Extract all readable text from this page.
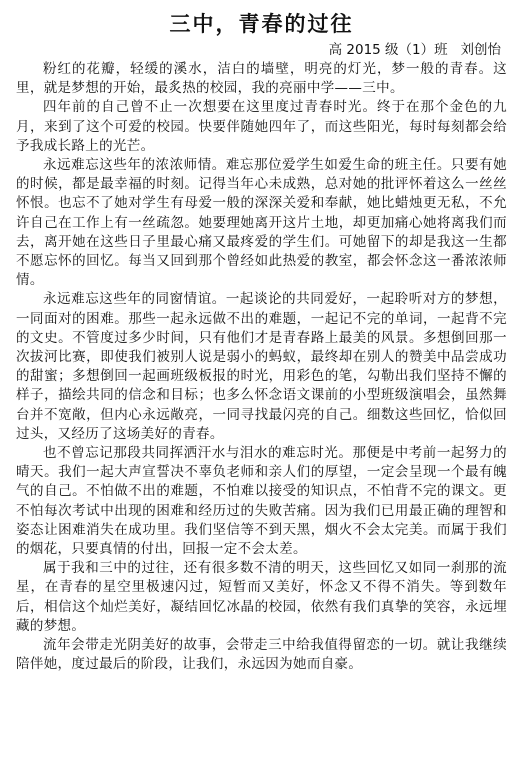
三中，青春的过往

高 2015 级（1）班   刘创怡

粉红的花瓣，轻缓的溪水，洁白的墙壁，明亮的灯光，梦一般的青春。这里，就是梦想的开始，最炙热的校园，我的亮丽中学——三中。

四年前的自己曾不止一次想要在这里度过青春时光。终于在那个金色的九月，来到了这个可爱的校园。快要伴随她四年了，而这些阳光，每时每刻都会给予我成长路上的光芒。

永远难忘这些年的浓浓师情。难忘那位爱学生如爱生命的班主任。只要有她的时候，都是最幸福的时刻。记得当年心未成熟，总对她的批评怀着这么一丝丝怀恨。也忘不了她对学生有母爱一般的深深关爱和奉献，她比蜡烛更无私，不允许自己在工作上有一丝疏忽。她要理她离开这片土地，却更加痛心她将离我们而去，离开她在这些日子里最心痛又最疼爱的学生们。可她留下的却是我这一生都不愿忘怀的回忆。每当又回到那个曾经如此热爱的教室，都会怀念这一番浓浓师情。

永远难忘这些年的同窗情谊。一起谈论的共同爱好，一起聆听对方的梦想，一同面对的困难。那些一起永远做不出的难题，一起记不完的单词，一起背不完的文史。不管度过多少时间，只有他们才是青春路上最美的风景。多想倒回那一次拔河比赛，即使我们被别人说是弱小的蚂蚁，最终却在别人的赞美中品尝成功的甜蜜；多想倒回一起画班级板报的时光，用彩色的笔，勾勒出我们坚持不懈的样子，描绘共同的信念和目标；也多么怀念语文课前的小型班级演唱会，虽然舞台并不宽敞，但内心永远敞亮，一同寻找最闪亮的自己。细数这些回忆，恰似回过头，又经历了这场美好的青春。

也不曾忘记那段共同挥洒汗水与泪水的难忘时光。那便是中考前一起努力的晴天。我们一起大声宣誓决不辜负老师和亲人们的厚望，一定会呈现一个最有魄气的自己。不怕做不出的难题，不怕难以接受的知识点，不怕背不完的课文。更不怕每次考试中出现的困难和经历过的失败苦痛。因为我们已用最正确的理智和姿态让困难消失在成功里。我们坚信等不到天黑，烟火不会太完美。而属于我们的烟花，只要真情的付出，回报一定不会太差。

属于我和三中的过往，还有很多数不清的明天，这些回忆又如同一刹那的流星，在青春的星空里极速闪过，短暂而又美好，怀念又不得不消失。等到数年后，相信这个灿烂美好，凝结回忆冰晶的校园，依然有我们真挚的笑容，永远埋藏的梦想。

流年会带走光阴美好的故事，会带走三中给我值得留恋的一切。就让我继续陪伴她，度过最后的阶段，让我们，永远因为她而自豪。
